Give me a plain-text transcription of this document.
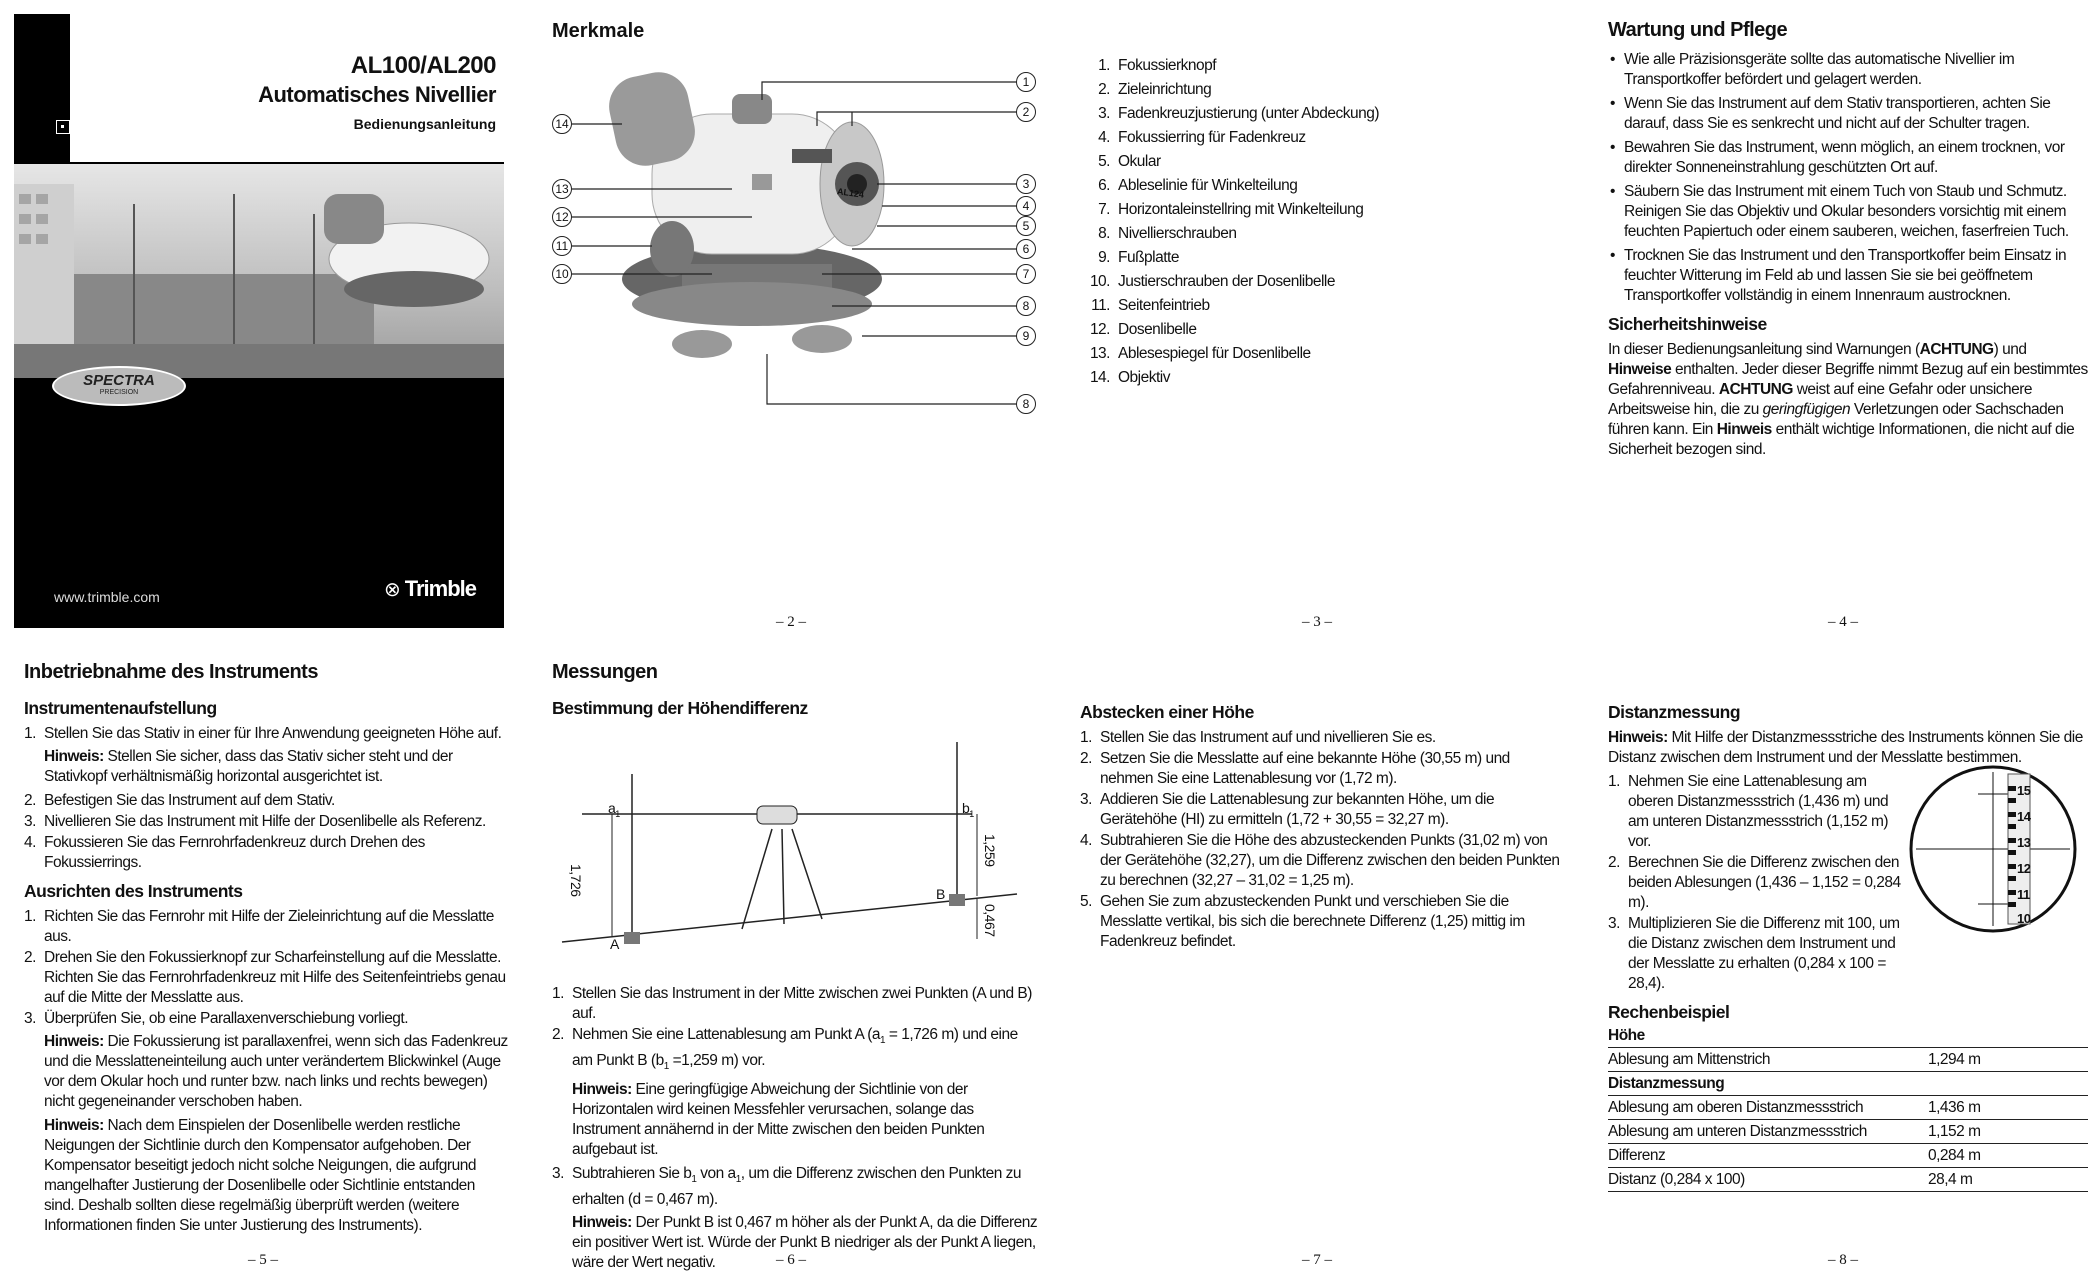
AL100/AL200
Automatisches Nivellier
Bedienungsanleitung
SPECTRA
PRECISION
www.trimble.com	⊗ Trimble
Merkmale
AL124
1
2
3
4
5
6
7
8
9
8
14
13
12
11
10
– 2 –
1. Fokussierknopf
2. Zieleinrichtung
3. Fadenkreuzjustierung (unter Abdeckung)
4. Fokussierring für Fadenkreuz
5. Okular
6. Ableselinie für Winkelteilung
7. Horizontaleinstellring mit Winkelteilung
8. Nivellierschrauben
9. Fußplatte
10. Justierschrauben der Dosenlibelle
11. Seitenfeintrieb
12. Dosenlibelle
13. Ablesespiegel für Dosenlibelle
14. Objektiv
– 3 –
Wartung und Pflege
• Wie alle Präzisionsgeräte sollte das automatische Nivellier im Transportkoffer befördert und gelagert werden.
• Wenn Sie das Instrument auf dem Stativ transportieren, achten Sie darauf, dass Sie es senkrecht und nicht auf der Schulter tragen.
• Bewahren Sie das Instrument, wenn möglich, an einem trocknen, vor direkter Sonneneinstrahlung geschützten Ort auf.
• Säubern Sie das Instrument mit einem Tuch von Staub und Schmutz. Reinigen Sie das Objektiv und Okular besonders vorsichtig mit einem feuchten Papiertuch oder einem sauberen, weichen, faserfreien Tuch.
• Trocknen Sie das Instrument und den Transportkoffer beim Einsatz in feuchter Witterung im Feld ab und lassen Sie sie bei geöffnetem Transportkoffer vollständig in einem Innenraum austrocknen.
Sicherheitshinweise

In dieser Bedienungsanleitung sind Warnungen (ACHTUNG) und Hinweise enthalten. Jeder dieser Begriffe nimmt Bezug auf ein bestimmtes Gefahrenniveau. ACHTUNG weist auf eine Gefahr oder unsichere Arbeitsweise hin, die zu geringfügigen Verletzungen oder Sachschaden führen kann. Ein Hinweis enthält wichtige Informationen, die nicht auf die Sicherheit bezogen sind.

– 4 –
Inbetriebnahme des Instruments
Instrumentenaufstellung
1. Stellen Sie das Stativ in einer für Ihre Anwendung geeigneten Höhe auf.
Hinweis: Stellen Sie sicher, dass das Stativ sicher steht und der Stativkopf verhältnismäßig horizontal ausgerichtet ist.
2. Befestigen Sie das Instrument auf dem Stativ.
3. Nivellieren Sie das Instrument mit Hilfe der Dosenlibelle als Referenz.
4. Fokussieren Sie das Fernrohrfadenkreuz durch Drehen des Fokussierrings.
Ausrichten des Instruments
1. Richten Sie das Fernrohr mit Hilfe der Zieleinrichtung auf die Messlatte aus.
2. Drehen Sie den Fokussierknopf zur Scharfeinstellung auf die Messlatte. Richten Sie das Fernrohrfadenkreuz mit Hilfe des Seitenfeintriebs genau auf die Mitte der Messlatte aus.
3. Überprüfen Sie, ob eine Parallaxenverschiebung vorliegt.
Hinweis: Die Fokussierung ist parallaxenfrei, wenn sich das Fadenkreuz und die Messlatteneinteilung auch unter verändertem Blickwinkel (Auge vor dem Okular hoch und runter bzw. nach links und rechts bewegen) nicht gegeneinander verschoben haben.
Hinweis: Nach dem Einspielen der Dosenlibelle werden restliche Neigungen der Sichtlinie durch den Kompensator aufgehoben. Der Kompensator beseitigt jedoch nicht solche Neigungen, die aufgrund mangelhafter Justierung der Dosenlibelle oder Sichtlinie entstanden sind. Deshalb sollten diese regelmäßig überprüft werden (weitere Informationen finden Sie unter Justierung des Instruments).
– 5 –
Messungen
Bestimmung der Höhendifferenz
$a_1$	$b_1$
A
B
1,726
1,259
0,467
1. Stellen Sie das Instrument in der Mitte zwischen zwei Punkten (A und B) auf.
2. Nehmen Sie eine Lattenablesung am Punkt A ($a_1 = 1,726$ m) und eine am Punkt B ($b_1 =1,259$ m) vor.
Hinweis: Eine geringfügige Abweichung der Sichtlinie von der Horizontalen wird keinen Messfehler verursachen, solange das Instrument annähernd in der Mitte zwischen den beiden Punkten aufgebaut ist.
3. Subtrahieren Sie $b_1$ von $a_1$, um die Differenz zwischen den Punkten zu erhalten (d = 0,467 m).
Hinweis: Der Punkt B ist 0,467 m höher als der Punkt A, da die Differenz ein positiver Wert ist. Würde der Punkt B niedriger als der Punkt A liegen, wäre der Wert negativ.	– 6 –
Abstecken einer Höhe
1. Stellen Sie das Instrument auf und nivellieren Sie es.
2. Setzen Sie die Messlatte auf eine bekannte Höhe (30,55 m) und nehmen Sie eine Lattenablesung vor (1,72 m).
3. Addieren Sie die Lattenablesung zur bekannten Höhe, um die Gerätehöhe (HI) zu ermitteln (1,72 + 30,55 = 32,27 m).
4. Subtrahieren Sie die Höhe des abzusteckenden Punkts (31,02 m) von der Gerätehöhe (32,27), um die Differenz zwischen den beiden Punkten zu berechnen (32,27 – 31,02 = 1,25 m).
5. Gehen Sie zum abzusteckenden Punkt und verschieben Sie die Messlatte vertikal, bis sich die berechnete Differenz (1,25) mittig im Fadenkreuz befindet.
– 7 –
Distanzmessung
Hinweis: Mit Hilfe der Distanzmessstriche des Instruments können Sie die Distanz zwischen dem Instrument und der Messlatte bestimmen.
1. Nehmen Sie eine Lattenablesung am oberen Distanzmessstrich (1,436 m) und am unteren Distanzmessstrich (1,152 m) vor.
2. Berechnen Sie die Differenz zwischen den beiden Ablesungen (1,436 – 1,152 = 0,284 m).
3. Multiplizieren Sie die Differenz mit 100, um die Distanz zwischen dem Instrument und der Messlatte zu erhalten (0,284 x 100 = 28,4).
15
14
13
12
11
10
Rechenbeispiel
Höhe	
Ablesung am Mittenstrich	1,294 m
Distanzmessung	
Ablesung am oberen Distanzmessstrich	1,436 m
Ablesung am unteren Distanzmessstrich	1,152 m
Differenz	0,284 m
Distanz (0,284 x 100)	28,4 m
– 8 –
